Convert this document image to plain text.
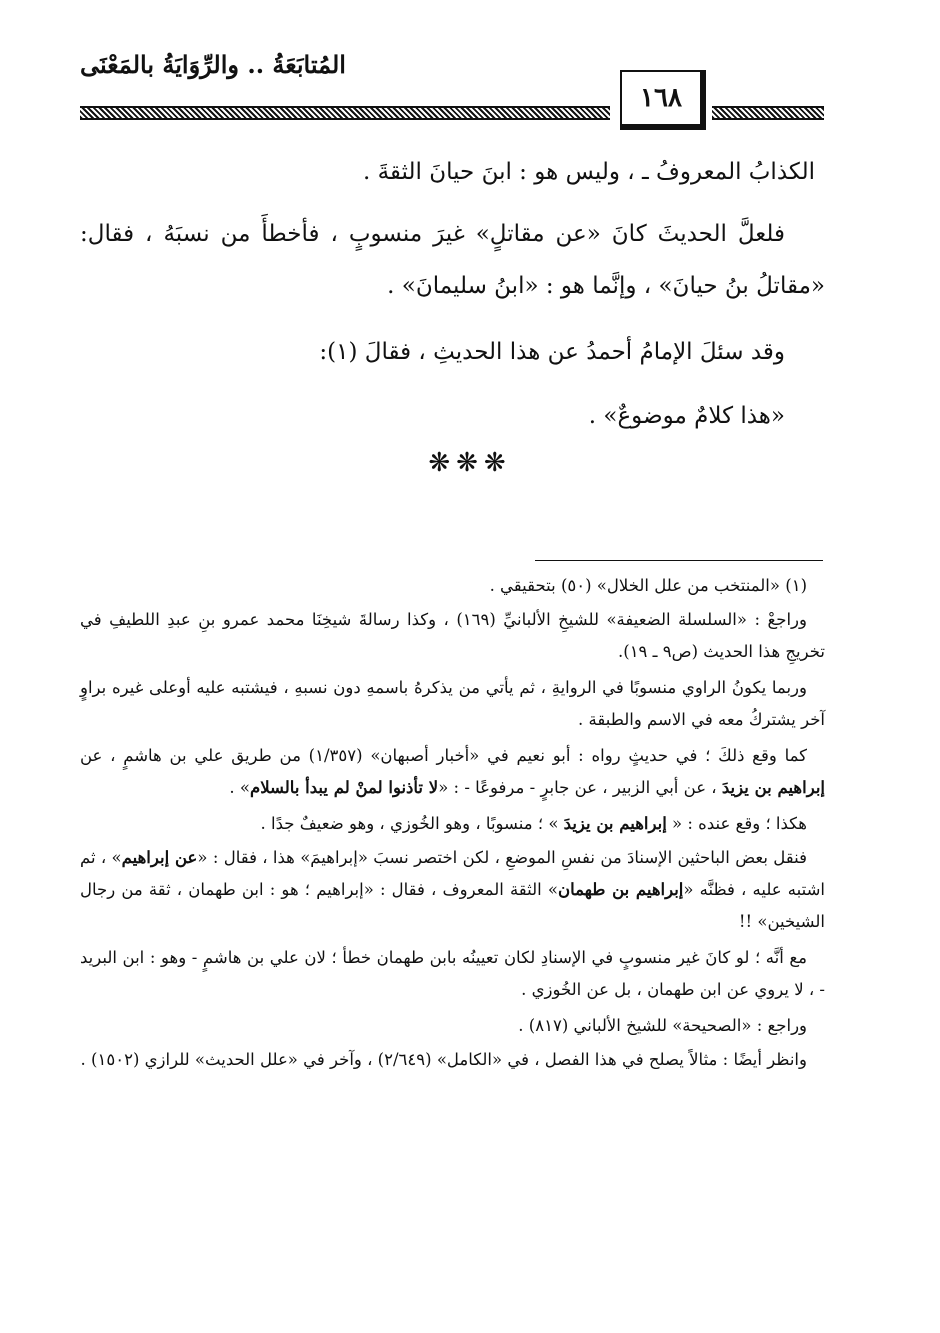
المُتابَعَةُ .. والرِّوَايَةُ بالمَعْنَى
١٦٨

الكذابُ المعروفُ ـ ، وليس هو : ابنَ حيانَ الثقةَ .

فلعلَّ الحديثَ كانَ «عن مقاتلٍ» غيرَ منسوبٍ ، فأخطأَ من نسبَهُ ، فقال: «مقاتلُ بنُ حيانَ» ، وإنَّما هو : «ابنُ سليمانَ» .

وقد سئلَ الإمامُ أحمدُ عن هذا الحديثِ ، فقالَ (١):

«هذا كلامٌ موضوعٌ» .

❋❋❋

(١) «المنتخب من علل الخلال» (٥٠) بتحقيقي .

وراجعْ : «السلسلة الضعيفة» للشيخِ الألبانيِّ (١٦٩) ، وكذا رسالةَ شيخِنَا محمد عمرو بنِ عبدِ اللطيفِ في تخريجِ هذا الحديث (ص٩ ـ ١٩).

وربما يكونُ الراوي منسوبًا في الروايةِ ، ثم يأتي من يذكرهُ باسمهِ دون نسبهِ ، فيشتبه عليه أوعلى غيره براوٍ آخر يشتركُ معه في الاسم والطبقة .

كما وقع ذلكَ ؛ في حديثٍ رواه : أبو نعيم في «أخبار أصبهان» (١/٣٥٧) من طريق علي بن هاشمٍ ، عن إبراهيم بن يزيدَ ، عن أبي الزبير ، عن جابرٍ - مرفوعًا - : «لا تأذنوا لمنْ لم يبدأ بالسلام» .

هكذا ؛ وقع عنده : « إبراهيم بن يزيدَ » ؛ منسوبًا ، وهو الخُوزي ، وهو ضعيفٌ جدًا .

فنقل بعض الباحثين الإسنادَ من نفسِ الموضعِ ، لكن اختصر نسبَ «إبراهيمَ» هذا ، فقال : «عن إبراهيم» ، ثم اشتبه عليه ، فظنَّه «إبراهيم بن طهمان» الثقة المعروف ، فقال : «إبراهيم ؛ هو : ابن طهمان ، ثقة من رجال الشيخين» !!

مع أنَّه ؛ لو كانَ غير منسوبٍ في الإسنادِ لكان تعيينُه بابن طهمان خطأ ؛ لان علي بن هاشمٍ - وهو : ابن البريد - ، لا يروي عن ابن طهمان ، بل عن الخُوزي .

وراجع : «الصحيحة» للشيخ الألباني (٨١٧) .

وانظر أيضًا : مثالاً يصلح في هذا الفصل ، في «الكامل» (٢/٦٤٩) ، وآخر في «علل الحديث» للرازي (١٥٠٢) .
